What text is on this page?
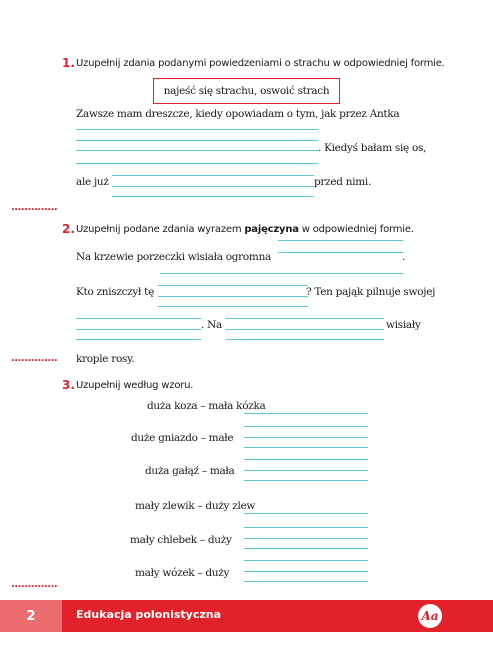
1. Uzupełnij zdania podanymi powiedzeniami o strachu w odpowiedniej formie.
najeść się strachu, oswoić strach
Zawsze mam dreszcze, kiedy opowiadam o tym, jak przez Antka
. Kiedyś bałam się os,
ale już	przed nimi.
..............
2. Uzupełnij podane zdania wyrazem pajęczyna w odpowiedniej formie.
Na krzewie porzeczki wisiała ogromna	.
Kto zniszczył tę	? Ten pająk pilnuje swojej
. Na	wisiały
krople rosy.
..............
3. Uzupełnij według wzoru.
duża koza – mała kózka
duże gniazdo – małe
duża gałąź – mała
mały zlewik – duży zlew
mały chlebek – duży
mały wózek – duży
..............
2	Edukacja polonistyczna	Aa
